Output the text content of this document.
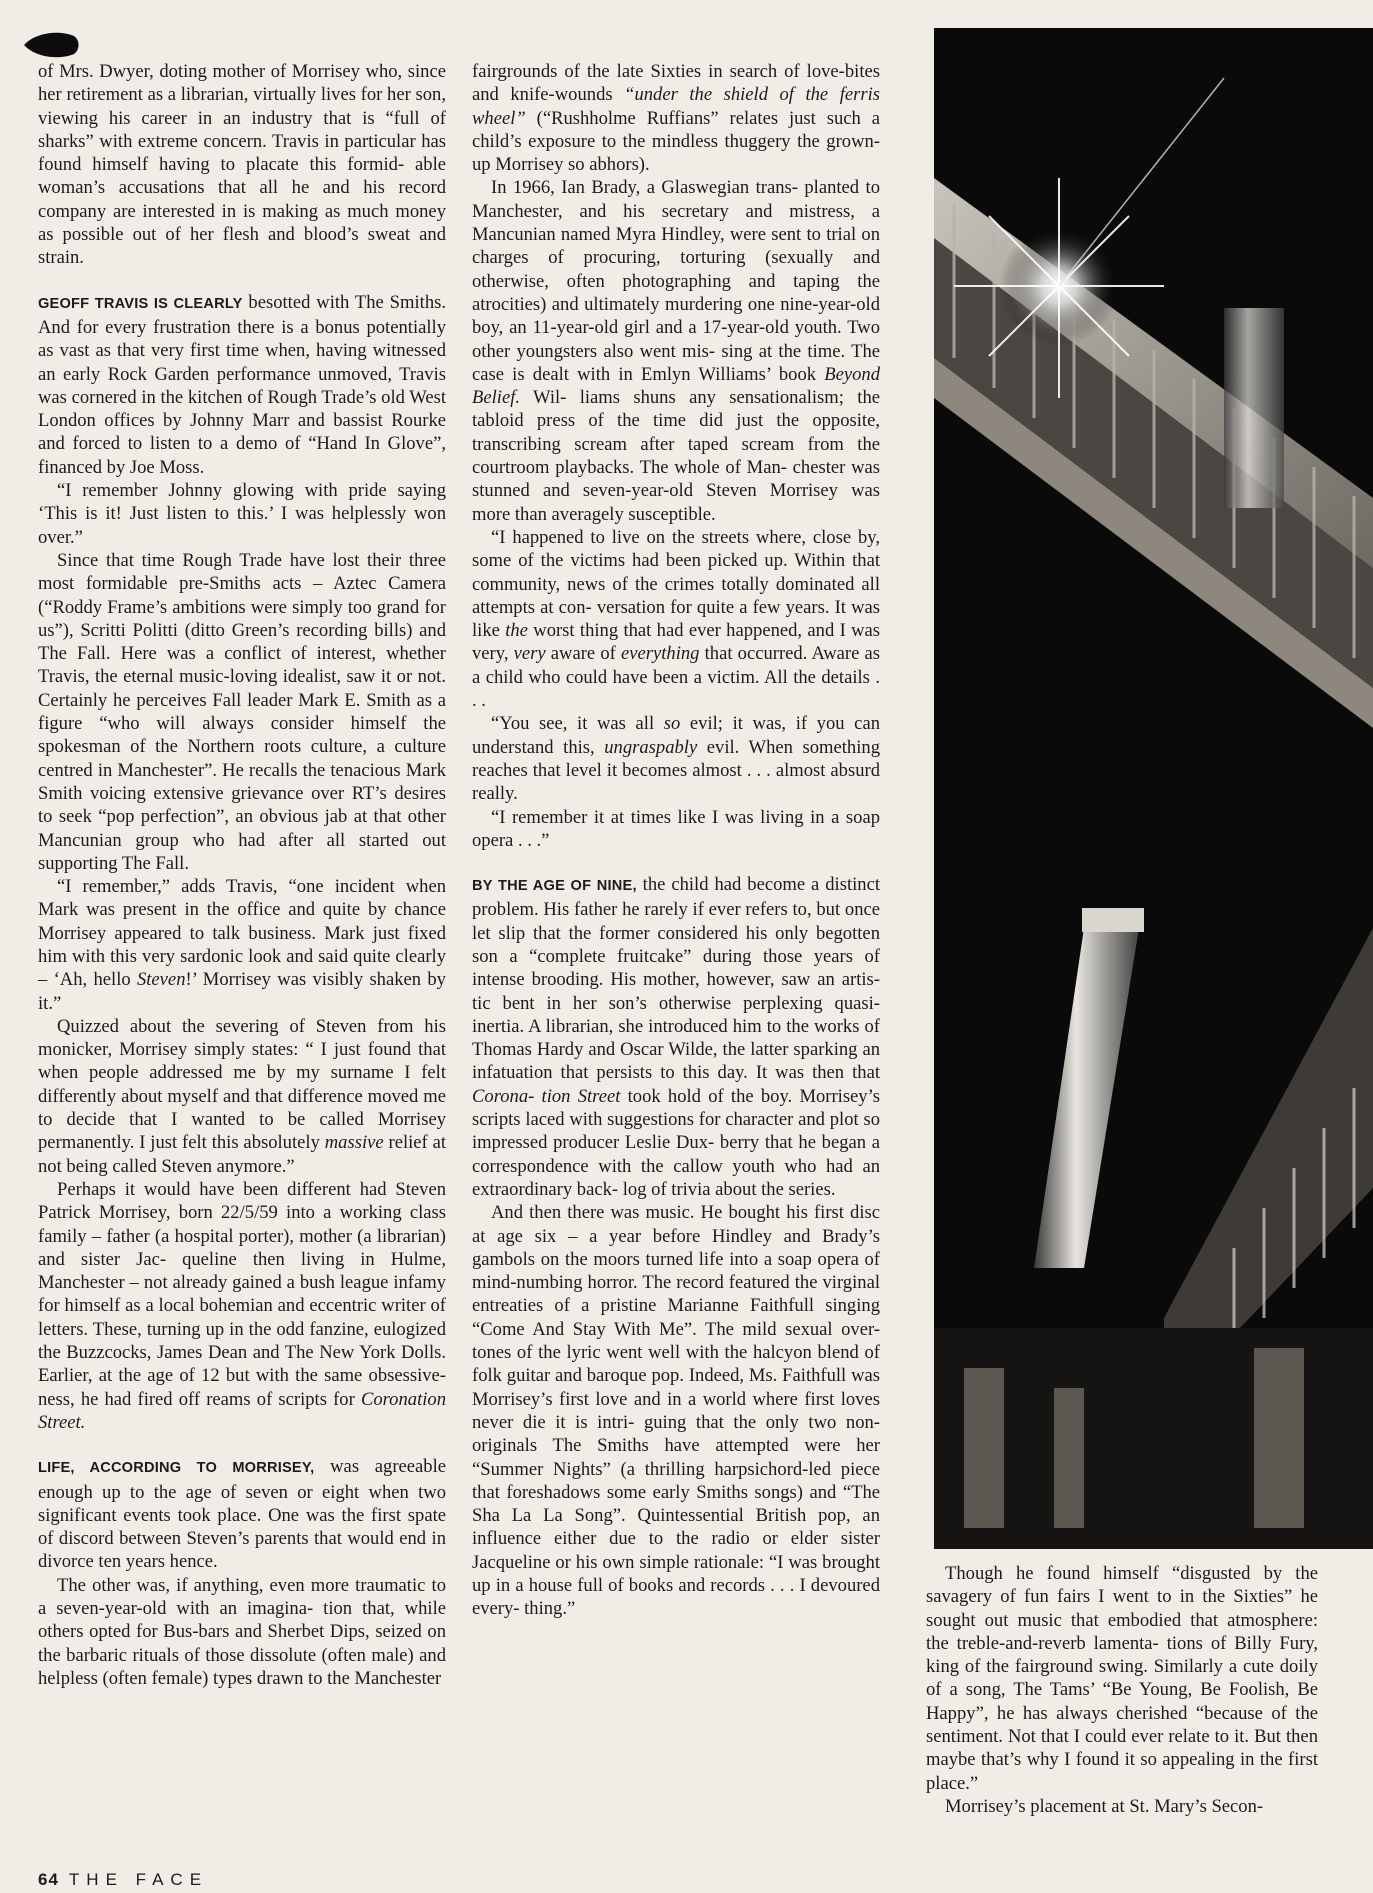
of Mrs. Dwyer, doting mother of Morrisey who, since her retirement as a librarian, virtually lives for her son, viewing his career in an industry that is “full of sharks” with extreme concern. Travis in particular has found himself having to placate this formid- able woman’s accusations that all he and his record company are interested in is making as much money as possible out of her flesh and blood’s sweat and strain.

GEOFF TRAVIS IS CLEARLY besotted with The Smiths. And for every frustration there is a bonus potentially as vast as that very first time when, having witnessed an early Rock Garden performance unmoved, Travis was cornered in the kitchen of Rough Trade’s old West London offices by Johnny Marr and bassist Rourke and forced to listen to a demo of “Hand In Glove”, financed by Joe Moss.

“I remember Johnny glowing with pride saying ‘This is it! Just listen to this.’ I was helplessly won over.”

Since that time Rough Trade have lost their three most formidable pre-Smiths acts – Aztec Camera (“Roddy Frame’s ambitions were simply too grand for us”), Scritti Politti (ditto Green’s recording bills) and The Fall. Here was a conflict of interest, whether Travis, the eternal music-loving idealist, saw it or not. Certainly he perceives Fall leader Mark E. Smith as a figure “who will always consider himself the spokesman of the Northern roots culture, a culture centred in Manchester”. He recalls the tenacious Mark Smith voicing extensive grievance over RT’s desires to seek “pop perfection”, an obvious jab at that other Mancunian group who had after all started out supporting The Fall.

“I remember,” adds Travis, “one incident when Mark was present in the office and quite by chance Morrisey appeared to talk business. Mark just fixed him with this very sardonic look and said quite clearly – ‘Ah, hello Steven!’ Morrisey was visibly shaken by it.”

Quizzed about the severing of Steven from his monicker, Morrisey simply states: “ I just found that when people addressed me by my surname I felt differently about myself and that difference moved me to decide that I wanted to be called Morrisey permanently. I just felt this absolutely massive relief at not being called Steven anymore.”

Perhaps it would have been different had Steven Patrick Morrisey, born 22/5/59 into a working class family – father (a hospital porter), mother (a librarian) and sister Jac- queline then living in Hulme, Manchester – not already gained a bush league infamy for himself as a local bohemian and eccentric writer of letters. These, turning up in the odd fanzine, eulogized the Buzzcocks, James Dean and The New York Dolls. Earlier, at the age of 12 but with the same obsessive- ness, he had fired off reams of scripts for Coronation Street.

LIFE, ACCORDING TO MORRISEY, was agreeable enough up to the age of seven or eight when two significant events took place. One was the first spate of discord between Steven’s parents that would end in divorce ten years hence.

The other was, if anything, even more traumatic to a seven-year-old with an imagina- tion that, while others opted for Bus-bars and Sherbet Dips, seized on the barbaric rituals of those dissolute (often male) and helpless (often female) types drawn to the Manchester

fairgrounds of the late Sixties in search of love-bites and knife-wounds “under the shield of the ferris wheel” (“Rushholme Ruffians” relates just such a child’s exposure to the mindless thuggery the grown-up Morrisey so abhors).

In 1966, Ian Brady, a Glaswegian trans- planted to Manchester, and his secretary and mistress, a Mancunian named Myra Hindley, were sent to trial on charges of procuring, torturing (sexually and otherwise, often photographing and taping the atrocities) and ultimately murdering one nine-year-old boy, an 11-year-old girl and a 17-year-old youth. Two other youngsters also went mis- sing at the time. The case is dealt with in Emlyn Williams’ book Beyond Belief. Wil- liams shuns any sensationalism; the tabloid press of the time did just the opposite, transcribing scream after taped scream from the courtroom playbacks. The whole of Man- chester was stunned and seven-year-old Steven Morrisey was more than averagely susceptible.

“I happened to live on the streets where, close by, some of the victims had been picked up. Within that community, news of the crimes totally dominated all attempts at con- versation for quite a few years. It was like the worst thing that had ever happened, and I was very, very aware of everything that occurred. Aware as a child who could have been a victim. All the details . . .

“You see, it was all so evil; it was, if you can understand this, ungraspably evil. When something reaches that level it becomes almost . . . almost absurd really.

“I remember it at times like I was living in a soap opera . . .”

BY THE AGE OF NINE, the child had become a distinct problem. His father he rarely if ever refers to, but once let slip that the former considered his only begotten son a “complete fruitcake” during those years of intense brooding. His mother, however, saw an artis- tic bent in her son’s otherwise perplexing quasi-inertia. A librarian, she introduced him to the works of Thomas Hardy and Oscar Wilde, the latter sparking an infatuation that persists to this day. It was then that Corona- tion Street took hold of the boy. Morrisey’s scripts laced with suggestions for character and plot so impressed producer Leslie Dux- berry that he began a correspondence with the callow youth who had an extraordinary back- log of trivia about the series.

And then there was music. He bought his first disc at age six – a year before Hindley and Brady’s gambols on the moors turned life into a soap opera of mind-numbing horror. The record featured the virginal entreaties of a pristine Marianne Faithfull singing “Come And Stay With Me”. The mild sexual over- tones of the lyric went well with the halcyon blend of folk guitar and baroque pop. Indeed, Ms. Faithfull was Morrisey’s first love and in a world where first loves never die it is intri- guing that the only two non-originals The Smiths have attempted were her “Summer Nights” (a thrilling harpsichord-led piece that foreshadows some early Smiths songs) and “The Sha La La Song”. Quintessential British pop, an influence either due to the radio or elder sister Jacqueline or his own simple rationale: “I was brought up in a house full of books and records . . . I devoured every- thing.”

Though he found himself “disgusted by the savagery of fun fairs I went to in the Sixties” he sought out music that embodied that atmosphere: the treble-and-reverb lamenta- tions of Billy Fury, king of the fairground swing. Similarly a cute doily of a song, The Tams’ “Be Young, Be Foolish, Be Happy”, he has always cherished “because of the sentiment. Not that I could ever relate to it. But then maybe that’s why I found it so appealing in the first place.”

Morrisey’s placement at St. Mary’s Secon-

64 THE FACE
